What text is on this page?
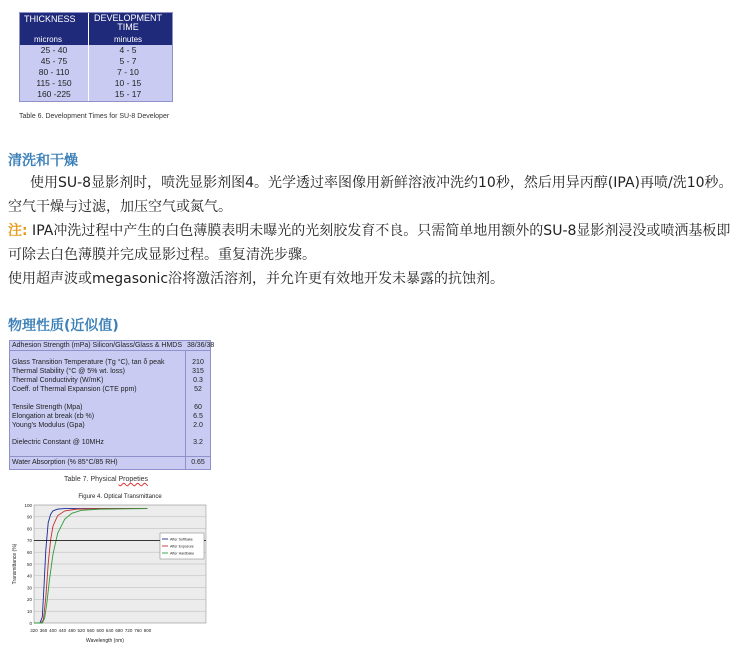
THICKNESS	DEVELOPMENT TIME
microns	minutes
25 - 40	4 - 5
45 - 75	5 - 7
80 - 110	7 - 10
115 - 150	10 - 15
160 -225	15 - 17
Table 6. Development Times for SU-8 Developer
清洗和干燥
使用SU-8显影剂时，喷洗显影剂图4。光学透过率图像用新鲜溶液冲洗约10秒，然后用异丙醇(IPA)再喷/洗10秒。空气干燥与过滤，加压空气或氮气。
注: IPA冲洗过程中产生的白色薄膜表明未曝光的光刻胶发育不良。只需简单地用额外的SU-8显影剂浸没或喷洒基板即可除去白色薄膜并完成显影过程。重复清洗步骤。
使用超声波或megasonic浴将激活溶剂，并允许更有效地开发未暴露的抗蚀剂。
物理性质(近似值)
Adhesion Strength (mPa) Silicon/Glass/Glass & HMDS 38/36/38
Glass Transition Temperature (Tg °C), tan δ peak	210
Thermal Stability (°C @ 5% wt. loss)	315
Thermal Conductivity (W/mK)	0.3
Coeff. of Thermal Expansion (CTE ppm)	52
Tensile Strength (Mpa)	60
Elongation at break (εb %)	6.5
Young's Modulus (Gpa)	2.0
Dielectric Constant @ 10MHz	3.2
Water Absorption (% 85°C/85 RH)	0.65
Table 7. Physical Propeties
Figure 4. Optical Transmittance
0
10
20
30
40
50
60
70
80
90
100
320 360 400 440 480 520 560 600 640 680 720 760 800
After Softbake
After Exposure
After Hardbake
Transmittance (%)
Wavelength (nm)
